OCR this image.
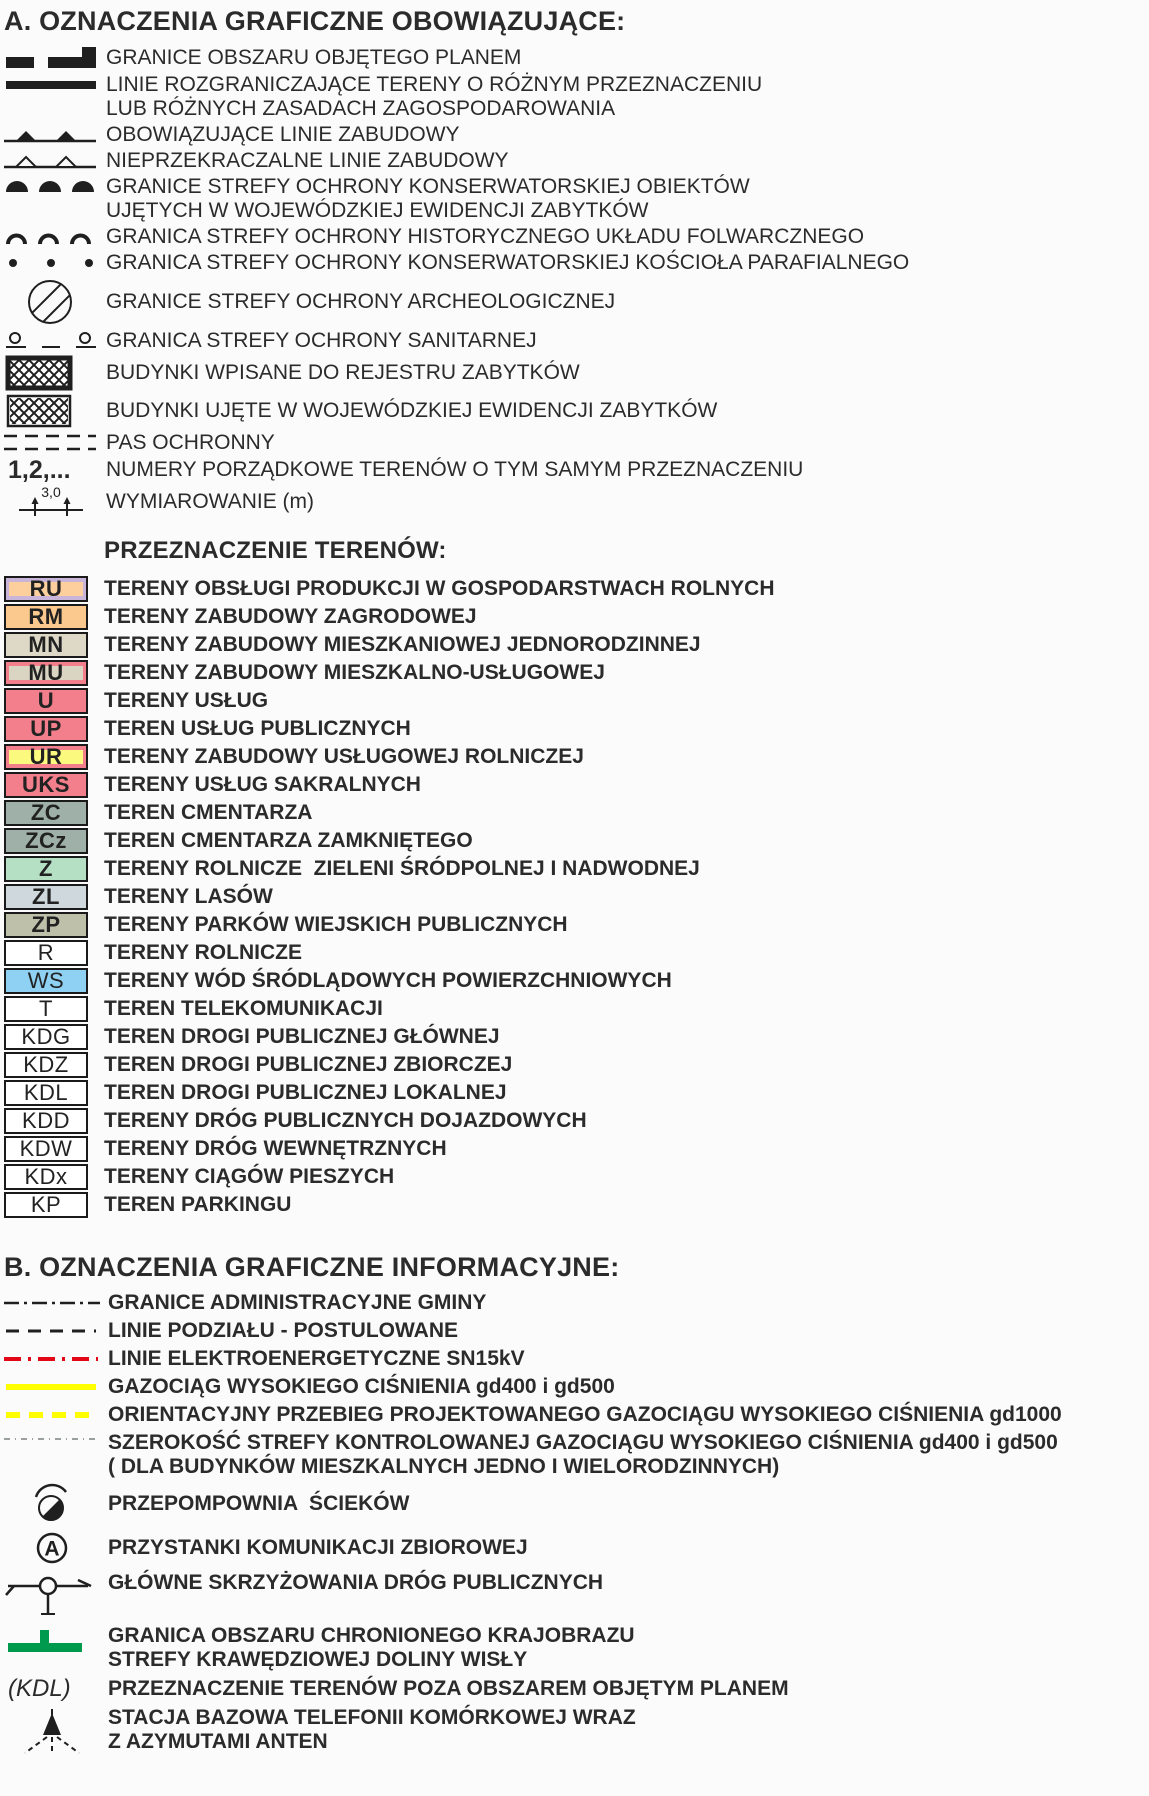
A. OZNACZENIA GRAFICZNE OBOWIĄZUJĄCE:
GRANICE OBSZARU OBJĘTEGO PLANEM
LINIE ROZGRANICZAJĄCE TERENY O RÓŻNYM PRZEZNACZENIU
LUB RÓŻNYCH ZASADACH ZAGOSPODAROWANIA
OBOWIĄZUJĄCE LINIE ZABUDOWY
NIEPRZEKRACZALNE LINIE ZABUDOWY
GRANICE STREFY OCHRONY KONSERWATORSKIEJ OBIEKTÓW
UJĘTYCH W WOJEWÓDZKIEJ EWIDENCJI ZABYTKÓW
GRANICA STREFY OCHRONY HISTORYCZNEGO UKŁADU FOLWARCZNEGO
GRANICA STREFY OCHRONY KONSERWATORSKIEJ KOŚCIOŁA PARAFIALNEGO
GRANICE STREFY OCHRONY ARCHEOLOGICZNEJ
GRANICA STREFY OCHRONY SANITARNEJ
BUDYNKI WPISANE DO REJESTRU ZABYTKÓW
BUDYNKI UJĘTE W WOJEWÓDZKIEJ EWIDENCJI ZABYTKÓW
PAS OCHRONNY
1,2,... NUMERY PORZĄDKOWE TERENÓW O TYM SAMYM PRZEZNACZENIU
3,0 WYMIAROWANIE (m)
PRZEZNACZENIE TERENÓW:
RU TERENY OBSŁUGI PRODUKCJI W GOSPODARSTWACH ROLNYCH
RM TERENY ZABUDOWY ZAGRODOWEJ
MN TERENY ZABUDOWY MIESZKANIOWEJ JEDNORODZINNEJ
MU TERENY ZABUDOWY MIESZKALNO-USŁUGOWEJ
U TERENY USŁUG
UP TEREN USŁUG PUBLICZNYCH
UR TERENY ZABUDOWY USŁUGOWEJ ROLNICZEJ
UKS TERENY USŁUG SAKRALNYCH
ZC TEREN CMENTARZA
ZCz TEREN CMENTARZA ZAMKNIĘTEGO
Z TERENY ROLNICZE  ZIELENI ŚRÓDPOLNEJ I NADWODNEJ
ZL TERENY LASÓW
ZP TERENY PARKÓW WIEJSKICH PUBLICZNYCH
R TERENY ROLNICZE
WS TERENY WÓD ŚRÓDLĄDOWYCH POWIERZCHNIOWYCH
T TEREN TELEKOMUNIKACJI
KDG TEREN DROGI PUBLICZNEJ GŁÓWNEJ
KDZ TEREN DROGI PUBLICZNEJ ZBIORCZEJ
KDL TEREN DROGI PUBLICZNEJ LOKALNEJ
KDD TERENY DRÓG PUBLICZNYCH DOJAZDOWYCH
KDW TERENY DRÓG WEWNĘTRZNYCH
KDx TERENY CIĄGÓW PIESZYCH
KP TEREN PARKINGU
B. OZNACZENIA GRAFICZNE INFORMACYJNE:
GRANICE ADMINISTRACYJNE GMINY
LINIE PODZIAŁU - POSTULOWANE
LINIE ELEKTROENERGETYCZNE SN15kV
GAZOCIĄG WYSOKIEGO CIŚNIENIA gd400 i gd500
ORIENTACYJNY PRZEBIEG PROJEKTOWANEGO GAZOCIĄGU WYSOKIEGO CIŚNIENIA gd1000
SZEROKOŚĆ STREFY KONTROLOWANEJ GAZOCIĄGU WYSOKIEGO CIŚNIENIA gd400 i gd500
( DLA BUDYNKÓW MIESZKALNYCH JEDNO I WIELORODZINNYCH)
PRZEPOMPOWNIA  ŚCIEKÓW
A PRZYSTANKI KOMUNIKACJI ZBIOROWEJ
GŁÓWNE SKRZYŻOWANIA DRÓG PUBLICZNYCH
GRANICA OBSZARU CHRONIONEGO KRAJOBRAZU
STREFY KRAWĘDZIOWEJ DOLINY WISŁY
(KDL) PRZEZNACZENIE TERENÓW POZA OBSZAREM OBJĘTYM PLANEM
STACJA BAZOWA TELEFONII KOMÓRKOWEJ WRAZ
Z AZYMUTAMI ANTEN
